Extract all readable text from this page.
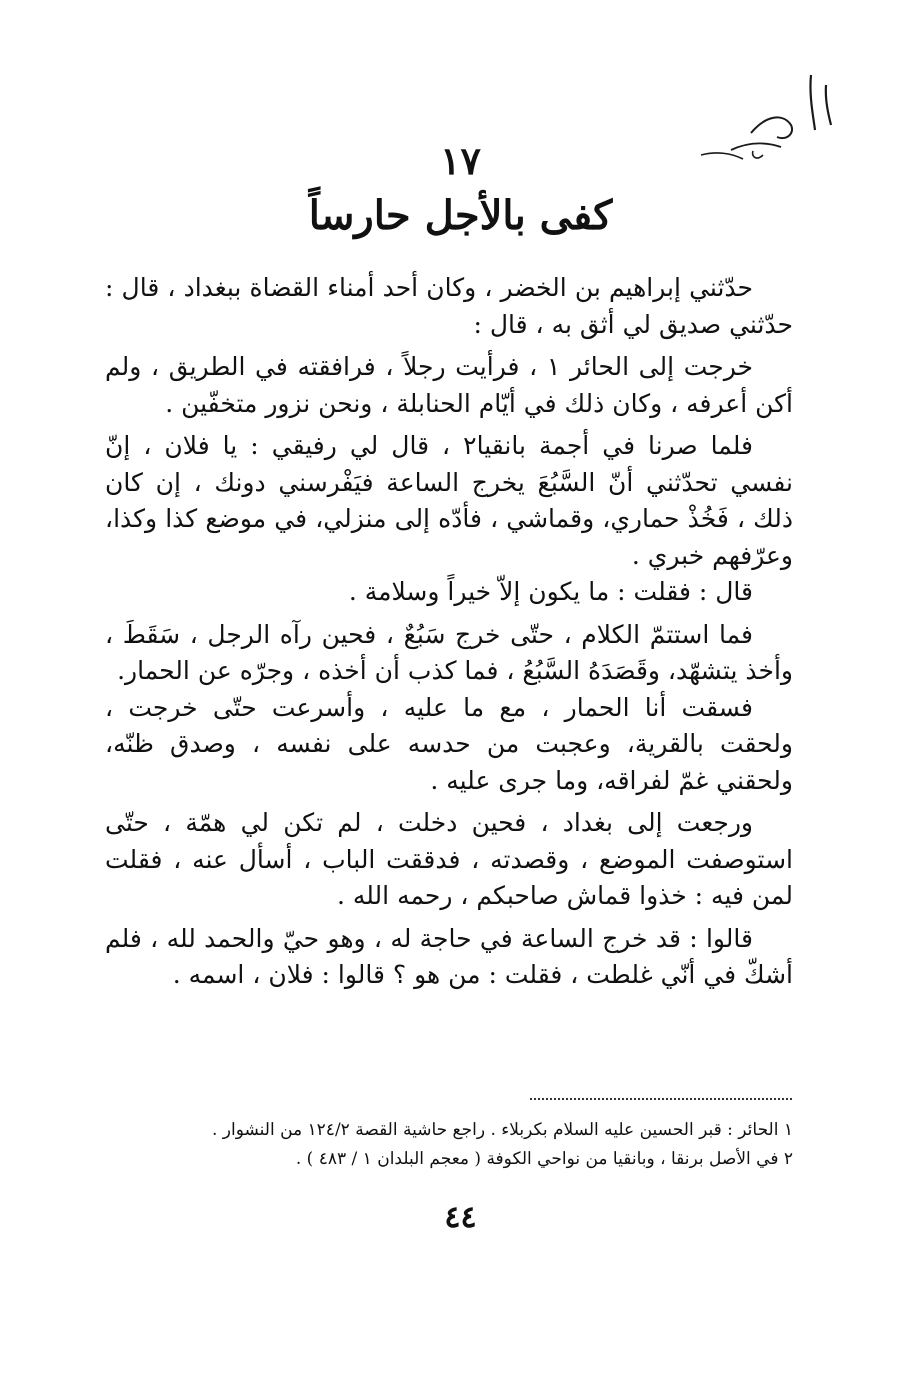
١٧
كفى بالأجل حارساً

حدّثني إبراهيم بن الخضر ، وكان أحد أمناء القضاة ببغداد ، قال : حدّثني صديق لي أثق به ، قال :

خرجت إلى الحائر ١ ، فرأيت رجلاً ، فرافقته في الطريق ، ولم أكن أعرفه ، وكان ذلك في أيّام الحنابلة ، ونحن نزور متخفّين .

فلما صرنا في أجمة بانقيا٢ ، قال لي رفيقي : يا فلان ، إنّ نفسي تحدّثني أنّ السَّبُعَ يخرج الساعة فيَفْرسني دونك ، إن كان ذلك ، فَخُذْ حماري، وقماشي ، فأدّه إلى منزلي، في موضع كذا وكذا، وعرّفهم خبري .

قال : فقلت : ما يكون إلاّ خيراً وسلامة .

فما استتمّ الكلام ، حتّى خرج سَبُعٌ ، فحين رآه الرجل ، سَقَطَ ، وأخذ يتشهّد، وقَصَدَهُ السَّبُعُ ، فما كذب أن أخذه ، وجرّه عن الحمار.

فسقت أنا الحمار ، مع ما عليه ، وأسرعت حتّى خرجت ، ولحقت بالقرية، وعجبت من حدسه على نفسه ، وصدق ظنّه، ولحقني غمّ لفراقه، وما جرى عليه .

ورجعت إلى بغداد ، فحين دخلت ، لم تكن لي همّة ، حتّى استوصفت الموضع ، وقصدته ، فدققت الباب ، أسأل عنه ، فقلت لمن فيه : خذوا قماش صاحبكم ، رحمه الله .

قالوا : قد خرج الساعة في حاجة له ، وهو حيّ والحمد لله ، فلم أشكّ في أنّي غلطت ، فقلت : من هو ؟ قالوا : فلان ، اسمه .

١ الحائر : قبر الحسين عليه السلام بكربلاء . راجع حاشية القصة ١٢٤/٢ من النشوار .

٢ في الأصل برنقا ، وبانقيا من نواحي الكوفة ( معجم البلدان ١ / ٤٨٣ ) .

٤٤
